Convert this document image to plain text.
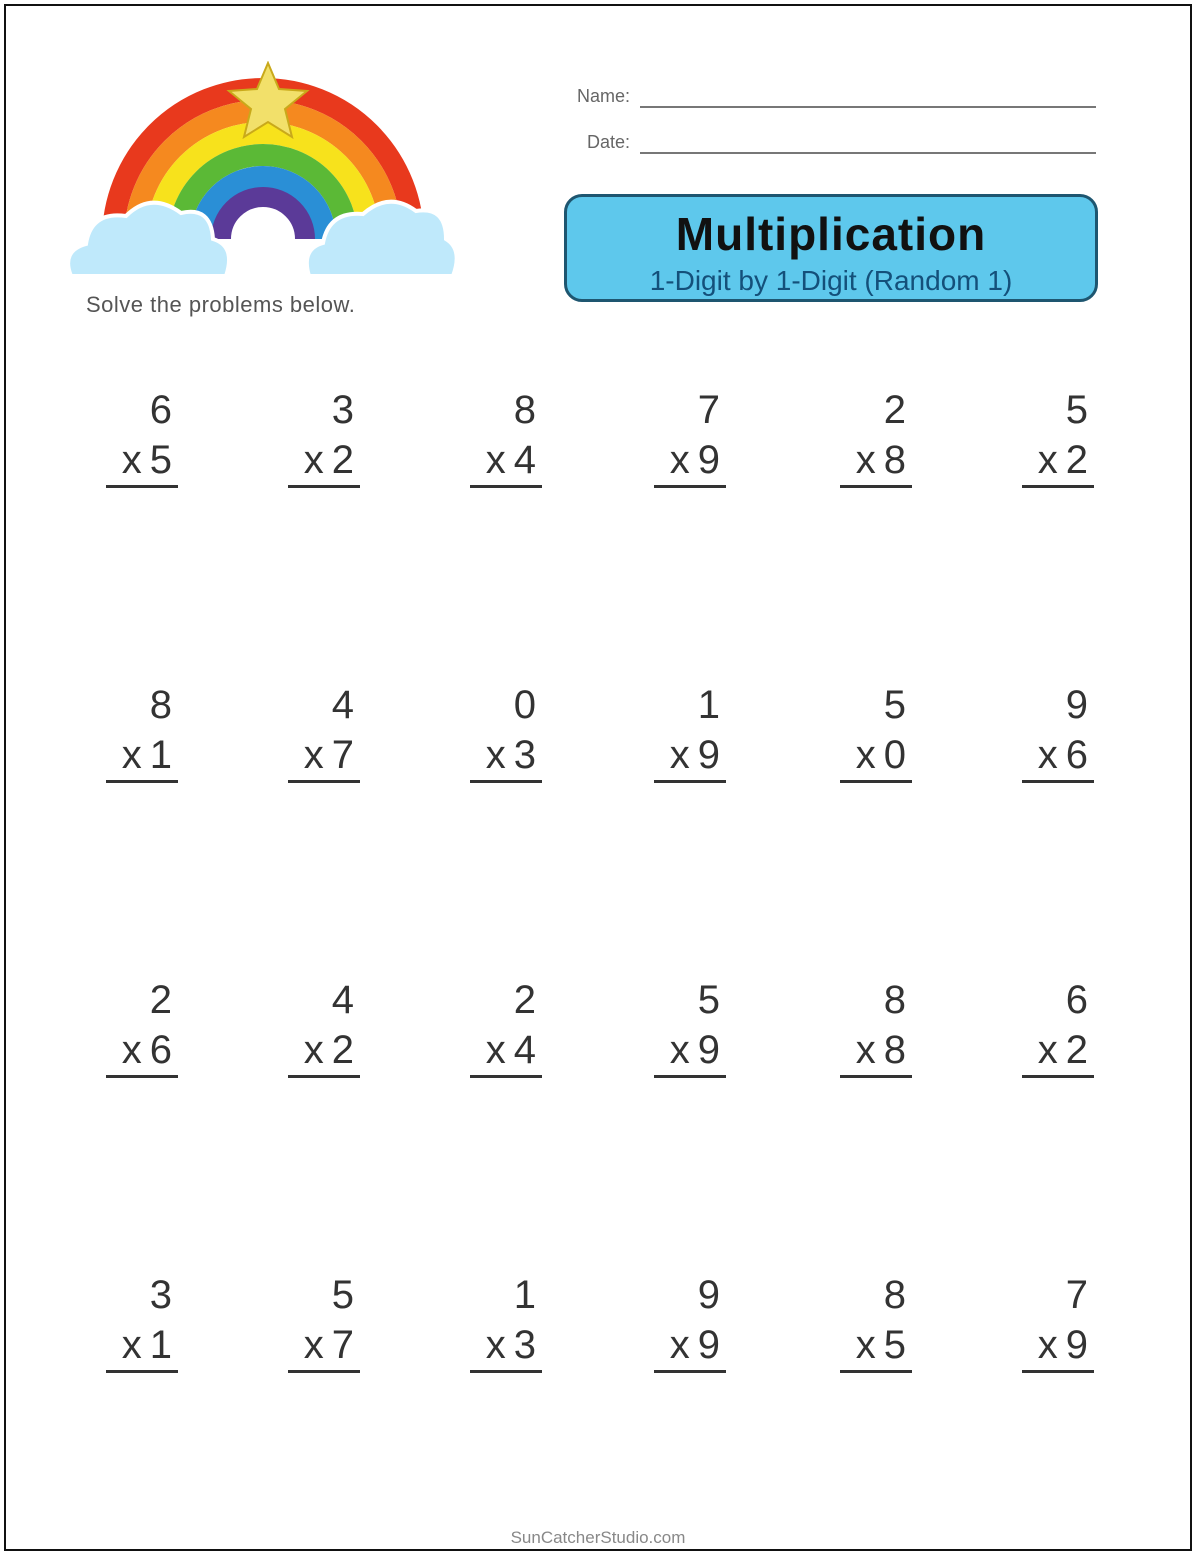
Solve the problems below.
Name:
Date:
Multiplication
1-Digit by 1-Digit (Random 1)
6
x 5
3
x 2
8
x 4
7
x 9
2
x 8
5
x 2
8
x 1
4
x 7
0
x 3
1
x 9
5
x 0
9
x 6
2
x 6
4
x 2
2
x 4
5
x 9
8
x 8
6
x 2
3
x 1
5
x 7
1
x 3
9
x 9
8
x 5
7
x 9
SunCatcherStudio.com
